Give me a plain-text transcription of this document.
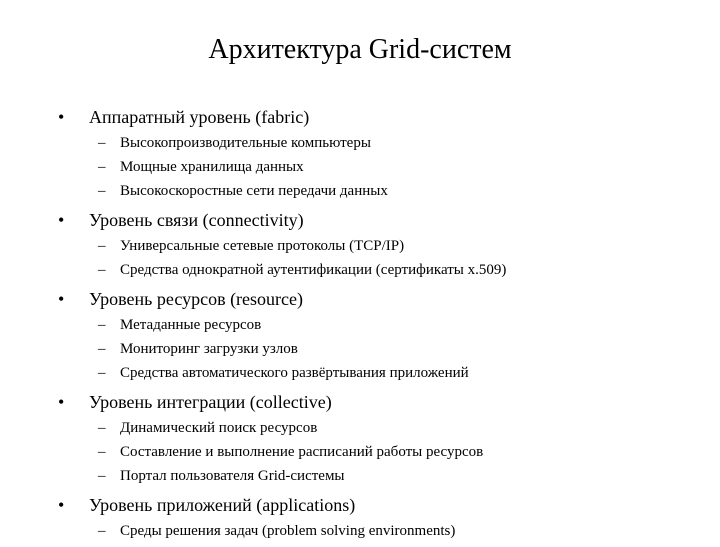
Архитектура Grid-систем
• Аппаратный уровень (fabric)
– Высокопроизводительные компьютеры
– Мощные хранилища данных
– Высокоскоростные сети передачи данных
• Уровень связи (connectivity)
– Универсальные сетевые протоколы (TCP/IP)
– Средства однократной аутентификации (сертификаты x.509)
• Уровень ресурсов (resource)
– Метаданные ресурсов
– Мониторинг загрузки узлов
– Средства автоматического развёртывания приложений
• Уровень интеграции (collective)
– Динамический поиск ресурсов
– Составление и выполнение расписаний работы ресурсов
– Портал пользователя Grid-системы
• Уровень приложений (applications)
– Среды решения задач (problem solving environments)
